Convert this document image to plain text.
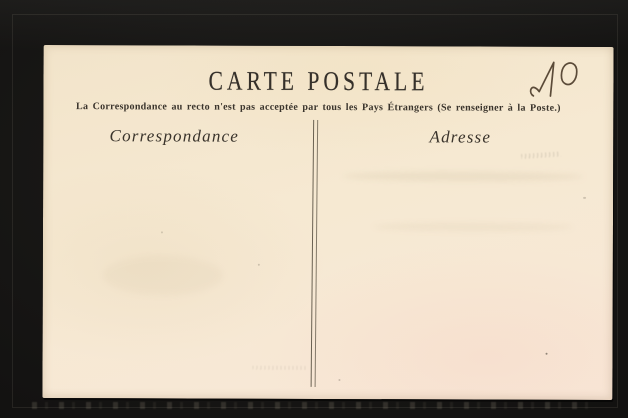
CARTE POSTALE

La Correspondance au recto n'est pas acceptée par tous les Pays Étrangers (Se renseigner à la Poste.)

Correspondance	Adresse
